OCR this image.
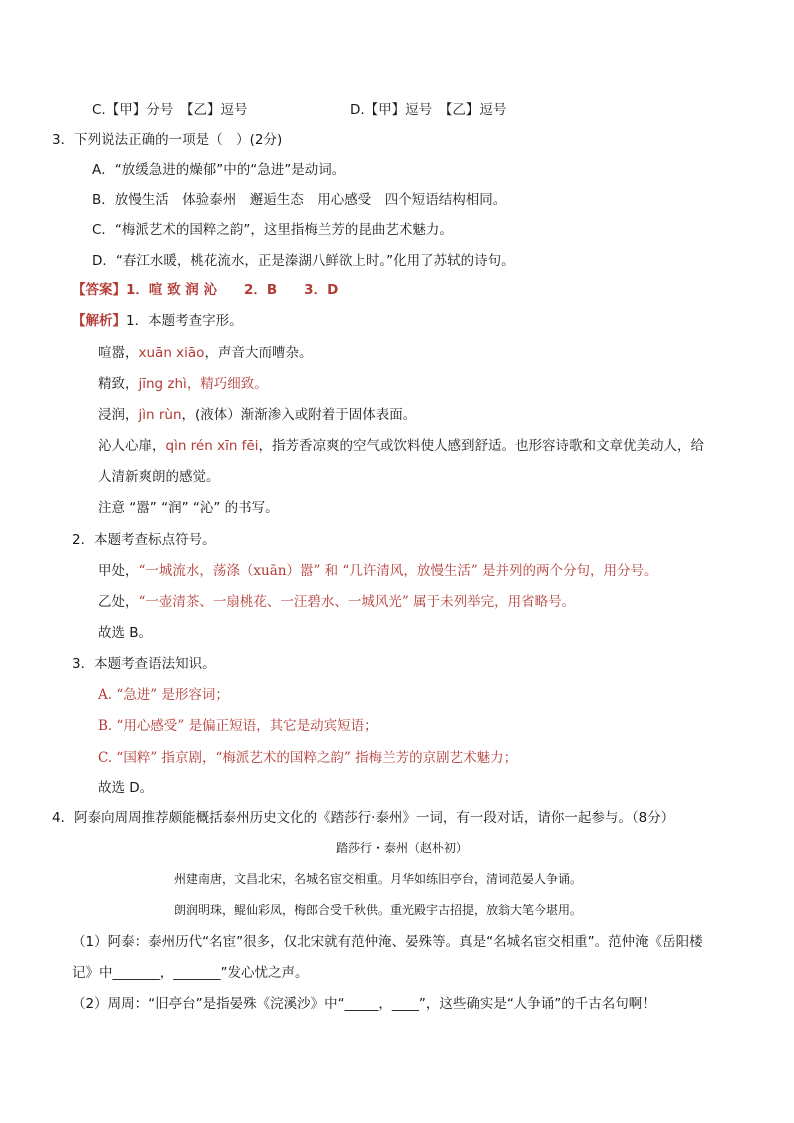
C.【甲】分号　【乙】逗号	D.【甲】逗号　【乙】逗号
3．下列说法正确的一项是（　）(2分)
A．“放缓急进的燥郁”中的“急进”是动词。
B．放慢生活　体验泰州　邂逅生态　用心感受　四个短语结构相同。
C．“梅派艺术的国粹之韵”，这里指梅兰芳的昆曲艺术魅力。
D．“春江水暖，桃花流水，正是溱湖八鲜欲上时。”化用了苏轼的诗句。
【答案】1．喧 致 润 沁　　2．B　　3．D
【解析】1．本题考查字形。
喧嚣，xuān xiāo，声音大而嘈杂。
精致，jīng zhì，精巧细致。
浸润，jìn rùn，(液体）渐渐渗入或附着于固体表面。
沁人心扉，qìn rén xīn fēi，指芳香凉爽的空气或饮料使人感到舒适。也形容诗歌和文章优美动人，给
人清新爽朗的感觉。
注意 “嚣” “润” “沁” 的书写。
2．本题考查标点符号。
甲处，“一城流水，荡涤（xuān）嚣” 和 “几许清风，放慢生活” 是并列的两个分句，用分号。
乙处，“一壶清茶、一扇桃花、一汪碧水、一城风光” 属于未列举完，用省略号。
故选 B。
3．本题考查语法知识。
A. “急进” 是形容词；
B. “用心感受” 是偏正短语，其它是动宾短语；
C. “国粹” 指京剧，“梅派艺术的国粹之韵” 指梅兰芳的京剧艺术魅力；
故选 D。
4．阿泰向周周推荐颇能概括泰州历史文化的《踏莎行·泰州》一词，有一段对话，请你一起参与。（8分）
踏莎行・泰州（赵朴初）
州建南唐，文昌北宋，名城名宦交相重。月华如练旧亭台，清词范晏人争诵。
朗润明珠，鲲仙彩凤，梅郎合受千秋供。重光殿宇古招提，放翁大笔今堪用。
（1）阿泰：泰州历代“名宦”很多，仅北宋就有范仲淹、晏殊等。真是“名城名宦交相重”。范仲淹《岳阳楼
记》中_______，_______”发心忧之声。
（2）周周：“旧亭台”是指晏殊《浣溪沙》中“_____，____”，这些确实是“人争诵”的千古名句啊！
